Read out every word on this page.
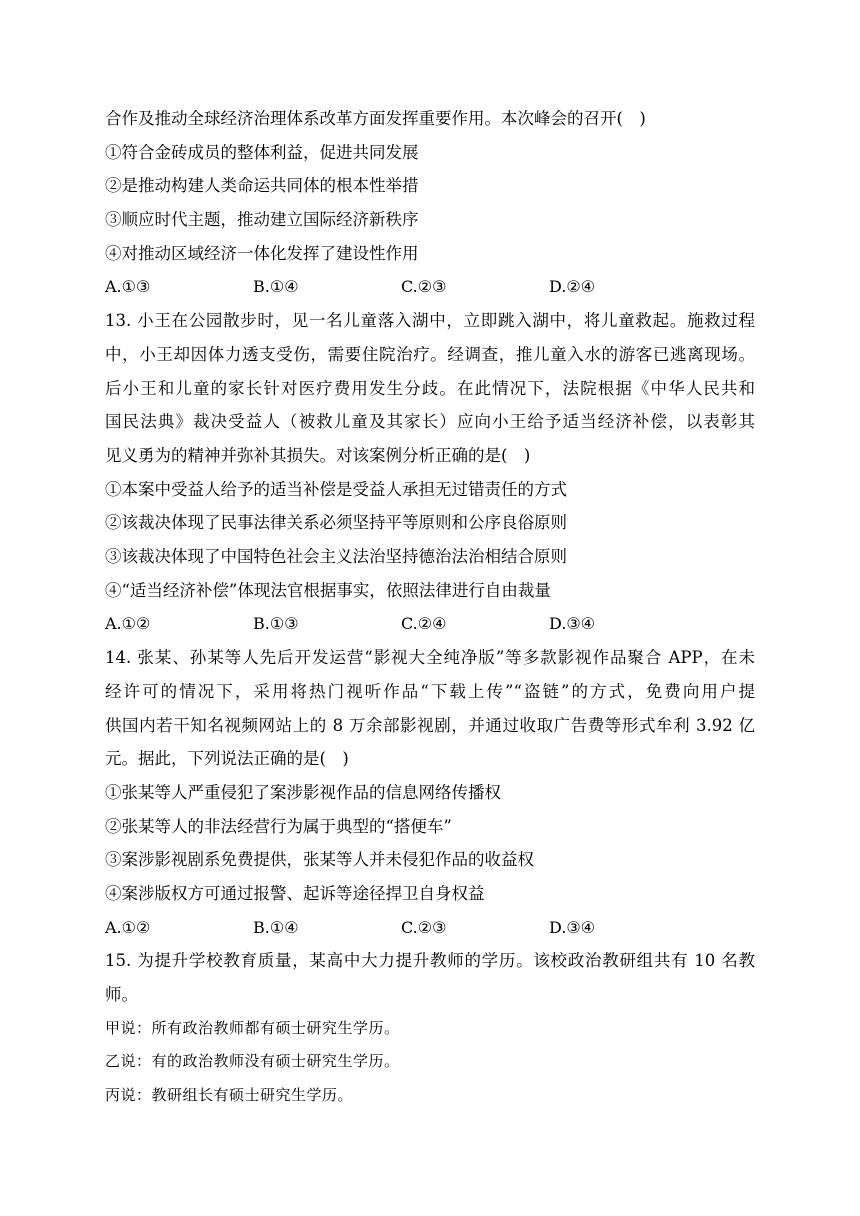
合作及推动全球经济治理体系改革方面发挥重要作用。本次峰会的召开(　)
①符合金砖成员的整体利益，促进共同发展
②是推动构建人类命运共同体的根本性举措
③顺应时代主题，推动建立国际经济新秩序
④对推动区域经济一体化发挥了建设性作用
A.①③	B.①④	C.②③	D.②④
13. 小王在公园散步时，见一名儿童落入湖中，立即跳入湖中，将儿童救起。施救过程
中，小王却因体力透支受伤，需要住院治疗。经调查，推儿童入水的游客已逃离现场。
后小王和儿童的家长针对医疗费用发生分歧。在此情况下，法院根据《中华人民共和
国民法典》裁决受益人（被救儿童及其家长）应向小王给予适当经济补偿，以表彰其
见义勇为的精神并弥补其损失。对该案例分析正确的是(　)
①本案中受益人给予的适当补偿是受益人承担无过错责任的方式
②该裁决体现了民事法律关系必须坚持平等原则和公序良俗原则
③该裁决体现了中国特色社会主义法治坚持德治法治相结合原则
④“适当经济补偿”体现法官根据事实，依照法律进行自由裁量
A.①②	B.①③	C.②④	D.③④
14. 张某、孙某等人先后开发运营“影视大全纯净版”等多款影视作品聚合 APP，在未
经许可的情况下，采用将热门视听作品“下载上传”“盗链”的方式，免费向用户提
供国内若干知名视频网站上的 8 万余部影视剧，并通过收取广告费等形式牟利 3.92 亿
元。据此，下列说法正确的是(　)
①张某等人严重侵犯了案涉影视作品的信息网络传播权
②张某等人的非法经营行为属于典型的“搭便车”
③案涉影视剧系免费提供，张某等人并未侵犯作品的收益权
④案涉版权方可通过报警、起诉等途径捍卫自身权益
A.①②	B.①④	C.②③	D.③④
15. 为提升学校教育质量，某高中大力提升教师的学历。该校政治教研组共有 10 名教
师。
甲说：所有政治教师都有硕士研究生学历。
乙说：有的政治教师没有硕士研究生学历。
丙说：教研组长有硕士研究生学历。
